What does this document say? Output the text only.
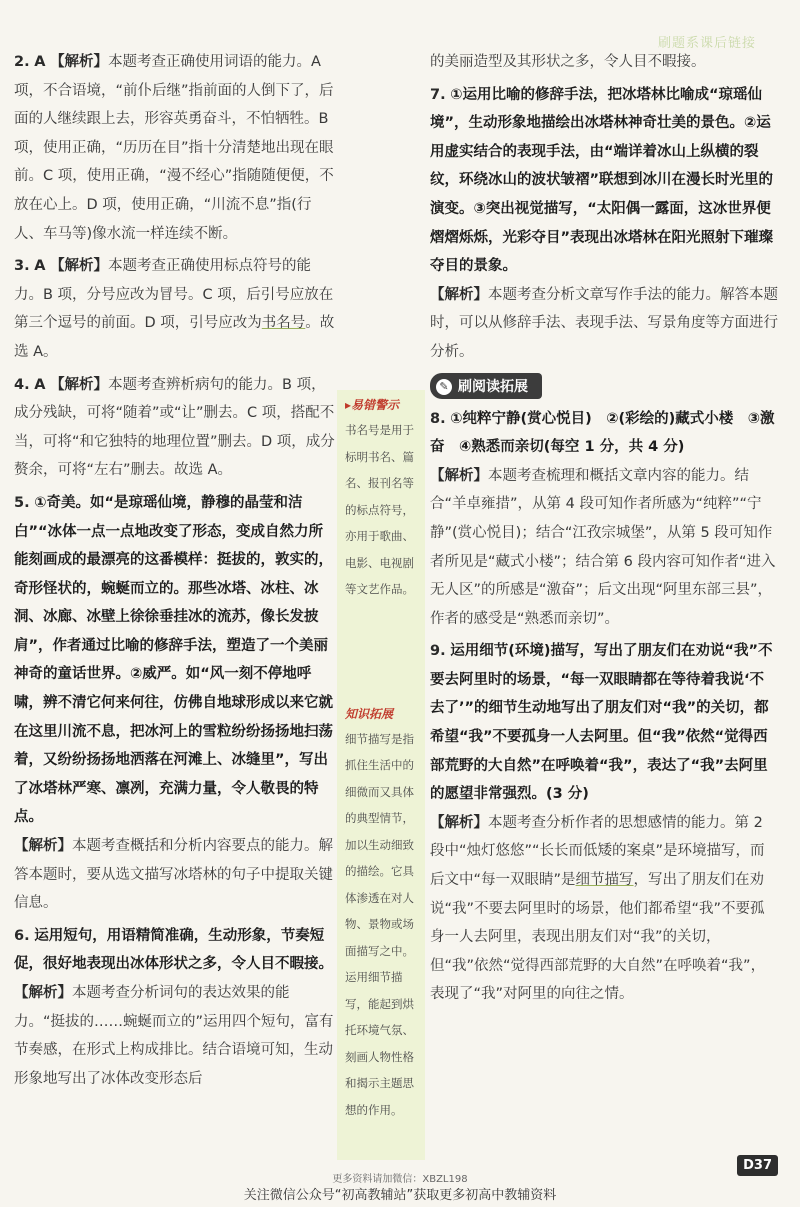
刷题系课后链接

2. A 【解析】本题考查正确使用词语的能力。A 项，不合语境，“前仆后继”指前面的人倒下了，后面的人继续跟上去，形容英勇奋斗，不怕牺牲。B 项，使用正确，“历历在目”指十分清楚地出现在眼前。C 项，使用正确，“漫不经心”指随随便便，不放在心上。D 项，使用正确，“川流不息”指(行人、车马等)像水流一样连续不断。

3. A 【解析】本题考查正确使用标点符号的能力。B 项，分号应改为冒号。C 项，后引号应放在第三个逗号的前面。D 项，引号应改为书名号。故选 A。

4. A 【解析】本题考查辨析病句的能力。B 项，成分残缺，可将“随着”或“让”删去。C 项，搭配不当，可将“和它独特的地理位置”删去。D 项，成分赘余，可将“左右”删去。故选 A。

5. ①奇美。如“是琼瑶仙境，静穆的晶莹和洁白”“冰体一点一点地改变了形态，变成自然力所能刻画成的最漂亮的这番模样：挺拔的，敦实的，奇形怪状的，蜿蜒而立的。那些冰塔、冰柱、冰洞、冰廊、冰壁上徐徐垂挂冰的流苏，像长发披肩”，作者通过比喻的修辞手法，塑造了一个美丽神奇的童话世界。②威严。如“风一刻不停地呼啸，辨不清它何来何往，仿佛自地球形成以来它就在这里川流不息，把冰河上的雪粒纷纷扬扬地扫荡着，又纷纷扬扬地洒落在河滩上、冰缝里”，写出了冰塔林严寒、凛冽，充满力量，令人敬畏的特点。

【解析】本题考查概括和分析内容要点的能力。解答本题时，要从选文描写冰塔林的句子中提取关键信息。

6. 运用短句，用语精简准确，生动形象，节奏短促，很好地表现出冰体形状之多，令人目不暇接。

【解析】本题考查分析词句的表达效果的能力。“挺拔的……蜿蜒而立的”运用四个短句，富有节奏感，在形式上构成排比。结合语境可知，生动形象地写出了冰体改变形态后

▸易错警示
书名号是用于标明书名、篇名、报刊名等的标点符号，亦用于歌曲、电影、电视剧等文艺作品。
知识拓展
细节描写是指抓住生活中的细微而又具体的典型情节，加以生动细致的描绘。它具体渗透在对人物、景物或场面描写之中。运用细节描写，能起到烘托环境气氛、刻画人物性格和揭示主题思想的作用。

的美丽造型及其形状之多，令人目不暇接。

7. ①运用比喻的修辞手法，把冰塔林比喻成“琼瑶仙境”，生动形象地描绘出冰塔林神奇壮美的景色。②运用虚实结合的表现手法，由“端详着冰山上纵横的裂纹，环绕冰山的波状皱褶”联想到冰川在漫长时光里的演变。③突出视觉描写，“太阳偶一露面，这冰世界便熠熠烁烁，光彩夺目”表现出冰塔林在阳光照射下璀璨夺目的景象。

【解析】本题考查分析文章写作手法的能力。解答本题时，可以从修辞手法、表现手法、写景角度等方面进行分析。

✎ 刷阅读拓展

8. ①纯粹宁静(赏心悦目)　②(彩绘的)藏式小楼　③激奋　④熟悉而亲切(每空 1 分，共 4 分)

【解析】本题考查梳理和概括文章内容的能力。结合“羊卓雍措”，从第 4 段可知作者所感为“纯粹”“宁静”(赏心悦目)；结合“江孜宗城堡”，从第 5 段可知作者所见是“藏式小楼”；结合第 6 段内容可知作者“进入无人区”的所感是“激奋”；后文出现“阿里东部三县”，作者的感受是“熟悉而亲切”。

9. 运用细节(环境)描写，写出了朋友们在劝说“我”不要去阿里时的场景，“每一双眼睛都在等待着我说‘不去了’”的细节生动地写出了朋友们对“我”的关切，都希望“我”不要孤身一人去阿里。但“我”依然“觉得西部荒野的大自然”在呼唤着“我”，表达了“我”去阿里的愿望非常强烈。(3 分)

【解析】本题考查分析作者的思想感情的能力。第 2 段中“烛灯悠悠”“长长而低矮的案桌”是环境描写，而后文中“每一双眼睛”是细节描写，写出了朋友们在劝说“我”不要去阿里时的场景，他们都希望“我”不要孤身一人去阿里，表现出朋友们对“我”的关切，但“我”依然“觉得西部荒野的大自然”在呼唤着“我”，表现了“我”对阿里的向往之情。

D37
更多资料请加微信：XBZL198
关注微信公众号“初高教辅站”获取更多初高中教辅资料
